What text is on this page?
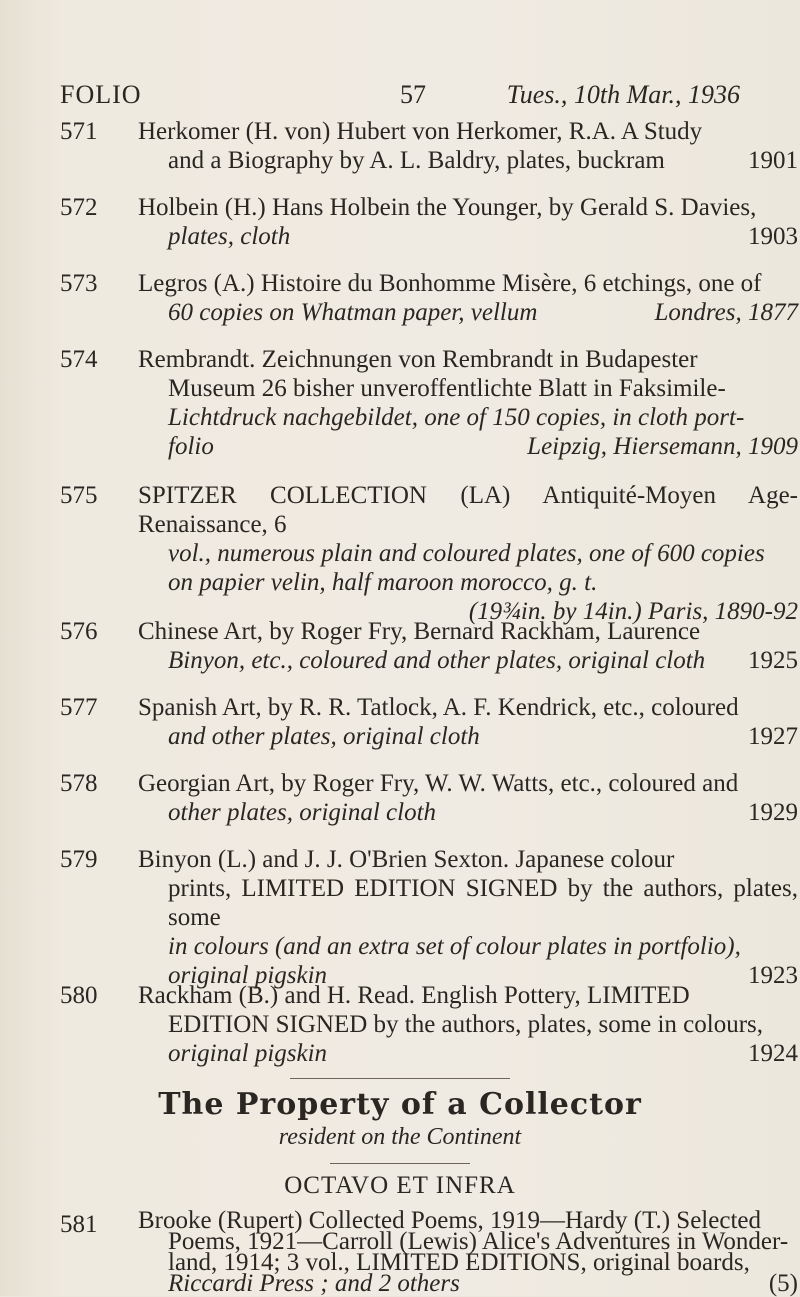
FOLIO	57	Tues., 10th Mar., 1936
571	Herkomer (H. von) Hubert von Herkomer, R.A. A Study
and a Biography by A. L. Baldry, plates, buckram	1901
572	Holbein (H.) Hans Holbein the Younger, by Gerald S. Davies,
plates, cloth	1903
573	Legros (A.) Histoire du Bonhomme Misère, 6 etchings, one of
60 copies on Whatman paper, vellum	Londres, 1877
574	Rembrandt. Zeichnungen von Rembrandt in Budapester
Museum 26 bisher unveroffentlichte Blatt in Faksimile-
Lichtdruck nachgebildet, one of 150 copies, in cloth port-
folio	Leipzig, Hiersemann, 1909
575	SPITZER COLLECTION (LA) Antiquité-Moyen Age-Renaissance, 6
vol., numerous plain and coloured plates, one of 600 copies
on papier velin, half maroon morocco, g. t.
(19¾in. by 14in.) Paris, 1890-92
576	Chinese Art, by Roger Fry, Bernard Rackham, Laurence
Binyon, etc., coloured and other plates, original cloth 1925
577	Spanish Art, by R. R. Tatlock, A. F. Kendrick, etc., coloured
and other plates, original cloth	1927
578	Georgian Art, by Roger Fry, W. W. Watts, etc., coloured and
other plates, original cloth	1929
579	Binyon (L.) and J. J. O'Brien Sexton. Japanese colour
prints, LIMITED EDITION SIGNED by the authors, plates, some
in colours (and an extra set of colour plates in portfolio),
original pigskin	1923
580	Rackham (B.) and H. Read. English Pottery, LIMITED
EDITION SIGNED by the authors, plates, some in colours,
original pigskin	1924
The Property of a Collector
resident on the Continent
OCTAVO ET INFRA
581	Brooke (Rupert) Collected Poems, 1919—Hardy (T.) Selected
Poems, 1921—Carroll (Lewis) Alice's Adventures in Wonder-
land, 1914; 3 vol., LIMITED EDITIONS, original boards,
Riccardi Press ; and 2 others	(5)
